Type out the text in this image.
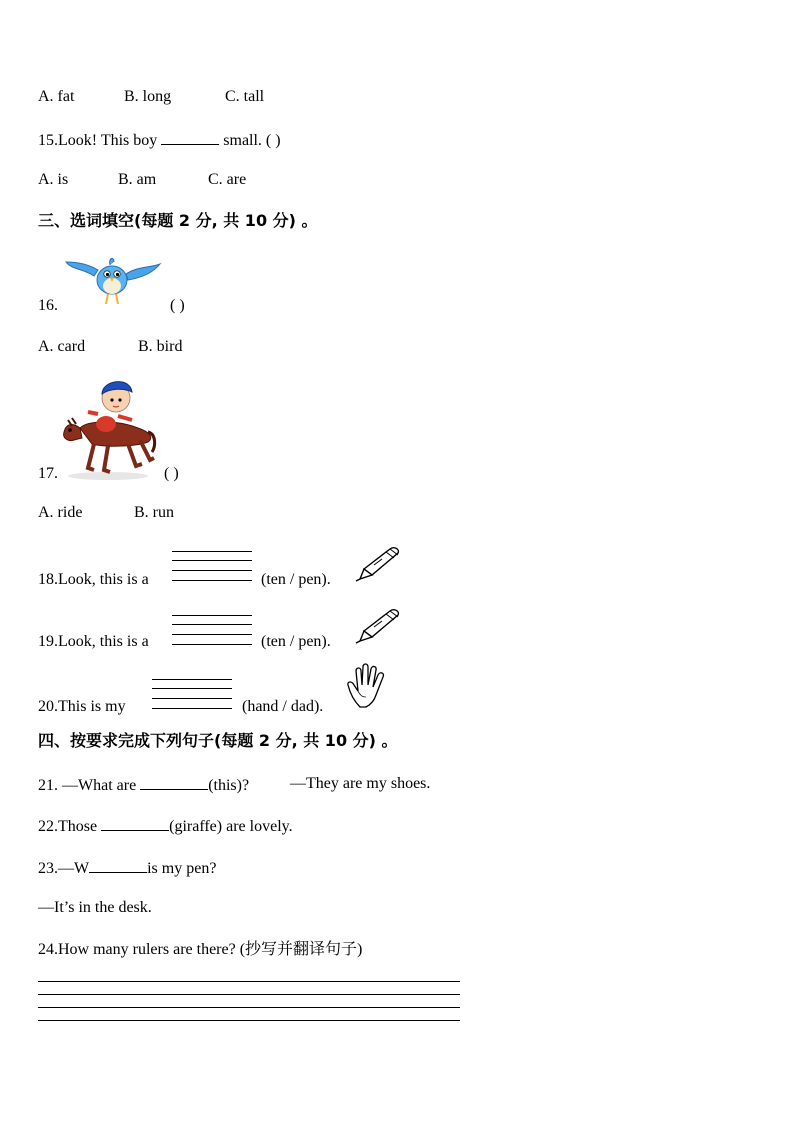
A. fat	B. long	C. tall
15.Look! This boy	small. ( )
A. is	B. am	C. are
三、选词填空(每题 2 分, 共 10 分) 。
16.	( )
A. card	B. bird
17.	( )
A. ride	B. run
18.Look, this is a	(ten / pen).
19.Look, this is a	(ten / pen).
20.This is my	(hand / dad).
四、按要求完成下列句子(每题 2 分, 共 10 分) 。
21. —What are	(this)?	—They are my shoes.
22.Those	(giraffe) are lovely.
23.—W	is my pen?
—It’s in the desk.
24.How many rulers are there? (抄写并翻译句子)
